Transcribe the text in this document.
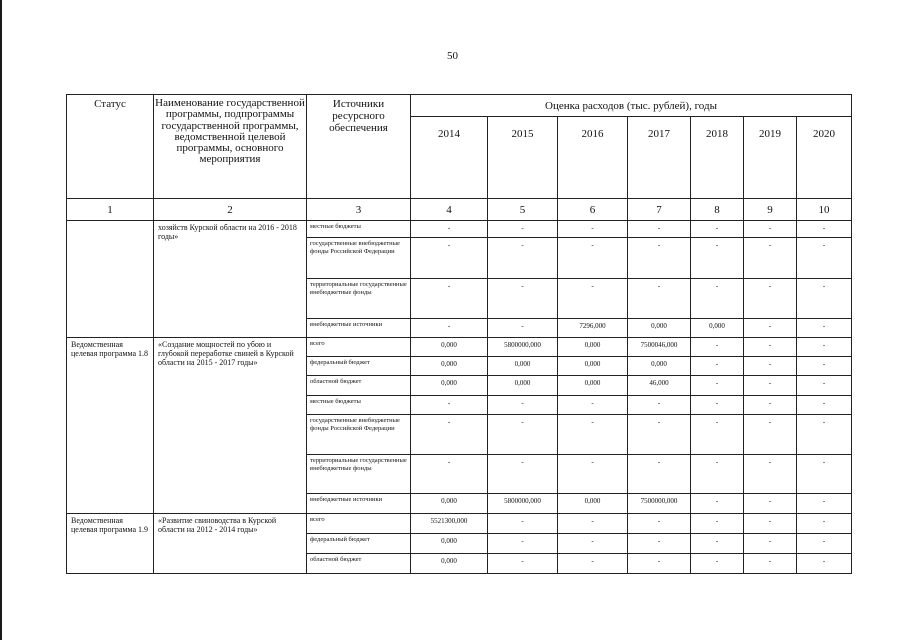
50
Статус	Наименование государственной программы, подпрограммы государственной программы, ведомственной целевой программы, основного мероприятия	Источники ресурсного обеспечения	Оценка расходов (тыс. рублей), годы						
			2014	2015	2016	2017	2018	2019	2020
1	2	3	4	5	6	7	8	9	10
	хозяйств Курской области на 2016 - 2018 годы»	местные бюджеты	-	-	-	-	-	-	-
		государственные внебюджетные фонды Российской Федерации	-	-	-	-	-	-	-
		территориальные государственные внебюджетные фонды	-	-	-	-	-	-	-
		внебюджетные источники	-	-	7296,000	0,000	0,000	-	-
Ведомственная целевая программа 1.8	«Создание мощностей по убою и глубокой переработке свиней в Курской области на 2015 - 2017 годы»	всего	0,000	5800000,000	0,000	7500046,000	-	-	-
		федеральный бюджет	0,000	0,000	0,000	0,000	-	-	-
		областной бюджет	0,000	0,000	0,000	46,000	-	-	-
		местные бюджеты	-	-	-	-	-	-	-
		государственные внебюджетные фонды Российской Федерации	-	-	-	-	-	-	-
		территориальные государственные внебюджетные фонды	-	-	-	-	-	-	-
		внебюджетные источники	0,000	5800000,000	0,000	7500000,000	-	-	-
Ведомственная целевая программа 1.9	«Развитие свиноводства в Курской области на 2012 - 2014 годы»	всего	5521300,000	-	-	-	-	-	-
		федеральный бюджет	0,000	-	-	-	-	-	-
		областной бюджет	0,000	-	-	-	-	-	-
